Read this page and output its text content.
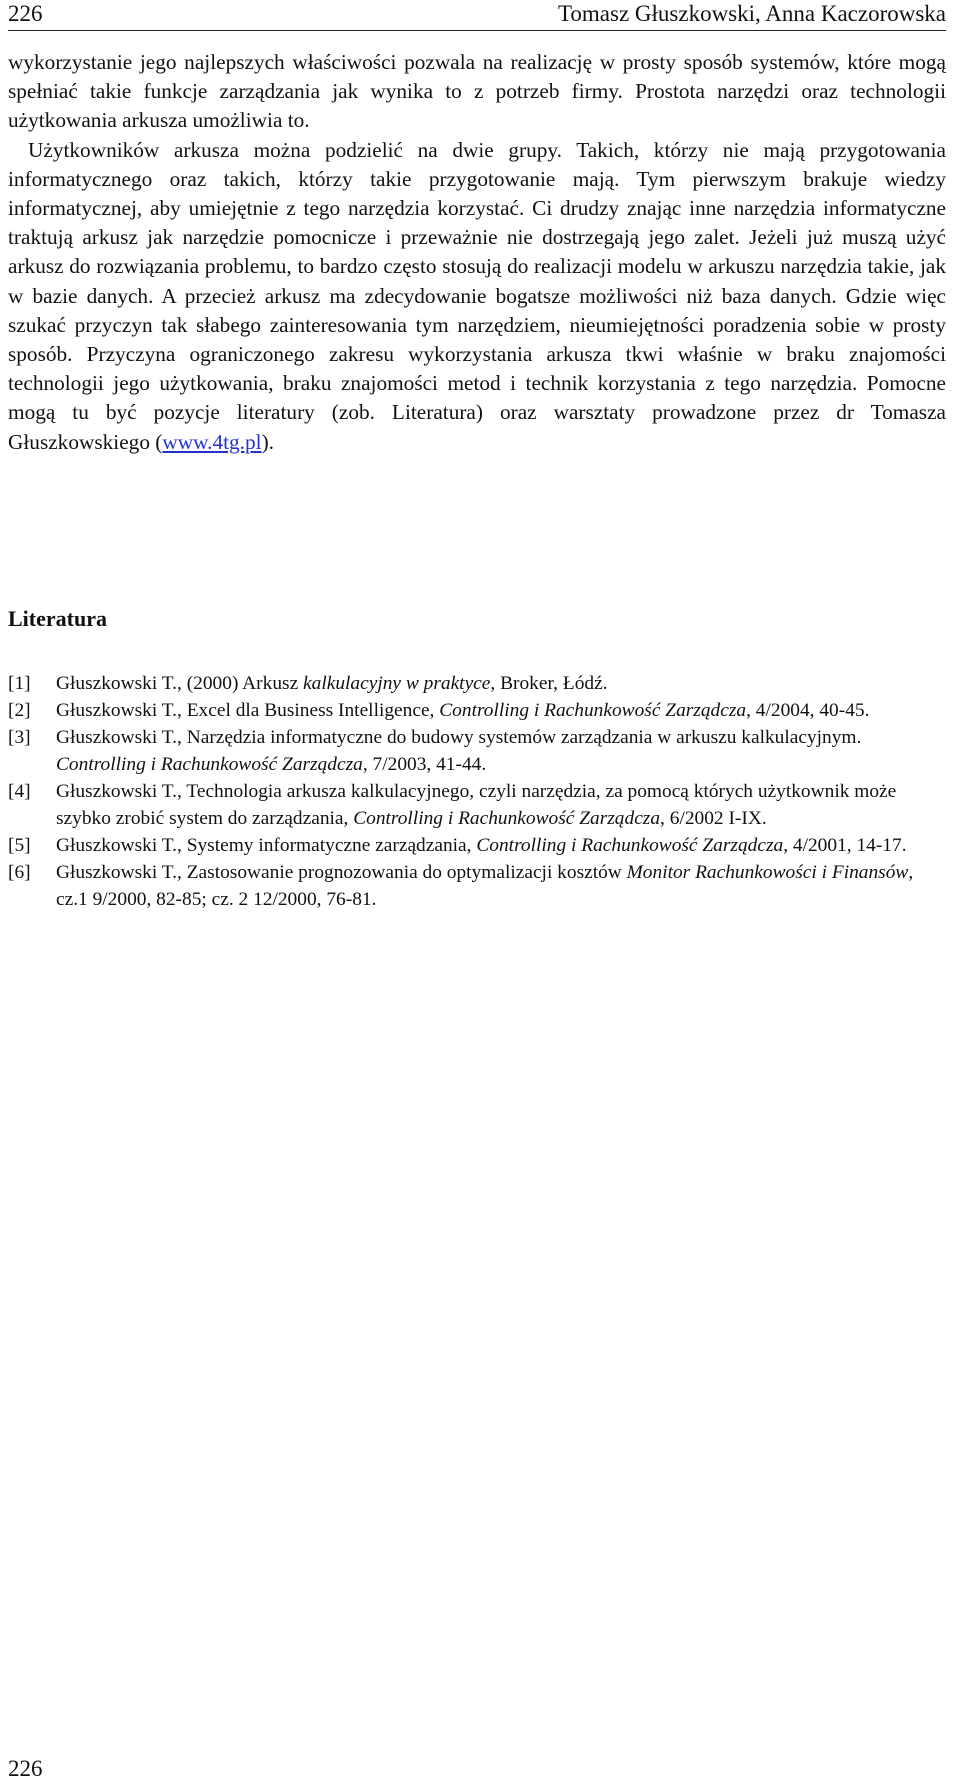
226	Tomasz Głuszkowski, Anna Kaczorowska

wykorzystanie jego najlepszych właściwości pozwala na realizację w prosty sposób systemów, które mogą spełniać takie funkcje zarządzania jak wynika to z potrzeb firmy. Prostota narzędzi oraz technologii użytkowania arkusza umożliwia to.

Użytkowników arkusza można podzielić na dwie grupy. Takich, którzy nie mają przygotowania informatycznego oraz takich, którzy takie przygotowanie mają. Tym pierwszym brakuje wiedzy informatycznej, aby umiejętnie z tego narzędzia korzystać. Ci drudzy znając inne narzędzia informatyczne traktują arkusz jak narzędzie pomocnicze i przeważnie nie dostrzegają jego zalet. Jeżeli już muszą użyć arkusz do rozwiązania problemu, to bardzo często stosują do realizacji modelu w arkuszu narzędzia takie, jak w bazie danych. A przecież arkusz ma zdecydowanie bogatsze możliwości niż baza danych. Gdzie więc szukać przyczyn tak słabego zainteresowania tym narzędziem, nieumiejętności poradzenia sobie w prosty sposób. Przyczyna ograniczonego zakresu wykorzystania arkusza tkwi właśnie w braku znajomości technologii jego użytkowania, braku znajomości metod i technik korzystania z tego narzędzia. Pomocne mogą tu być pozycje literatury (zob. Literatura) oraz warsztaty prowadzone przez dr Tomasza Głuszkowskiego (www.4tg.pl).

Literatura
[1] Głuszkowski T., (2000) Arkusz kalkulacyjny w praktyce, Broker, Łódź.
[2] Głuszkowski T., Excel dla Business Intelligence, Controlling i Rachunkowość Zarządcza, 4/2004, 40-45.
[3] Głuszkowski T., Narzędzia informatyczne do budowy systemów zarządzania w arkuszu kalkulacyjnym. Controlling i Rachunkowość Zarządcza, 7/2003, 41-44.
[4] Głuszkowski T., Technologia arkusza kalkulacyjnego, czyli narzędzia, za pomocą których użytkownik może szybko zrobić system do zarządzania, Controlling i Rachunkowość Zarządcza, 6/2002 I-IX.
[5] Głuszkowski T., Systemy informatyczne zarządzania, Controlling i Rachunkowość Zarządcza, 4/2001, 14-17.
[6] Głuszkowski T., Zastosowanie prognozowania do optymalizacji kosztów Monitor Rachunkowości i Finansów, cz.1 9/2000, 82-85; cz. 2 12/2000, 76-81.
226
